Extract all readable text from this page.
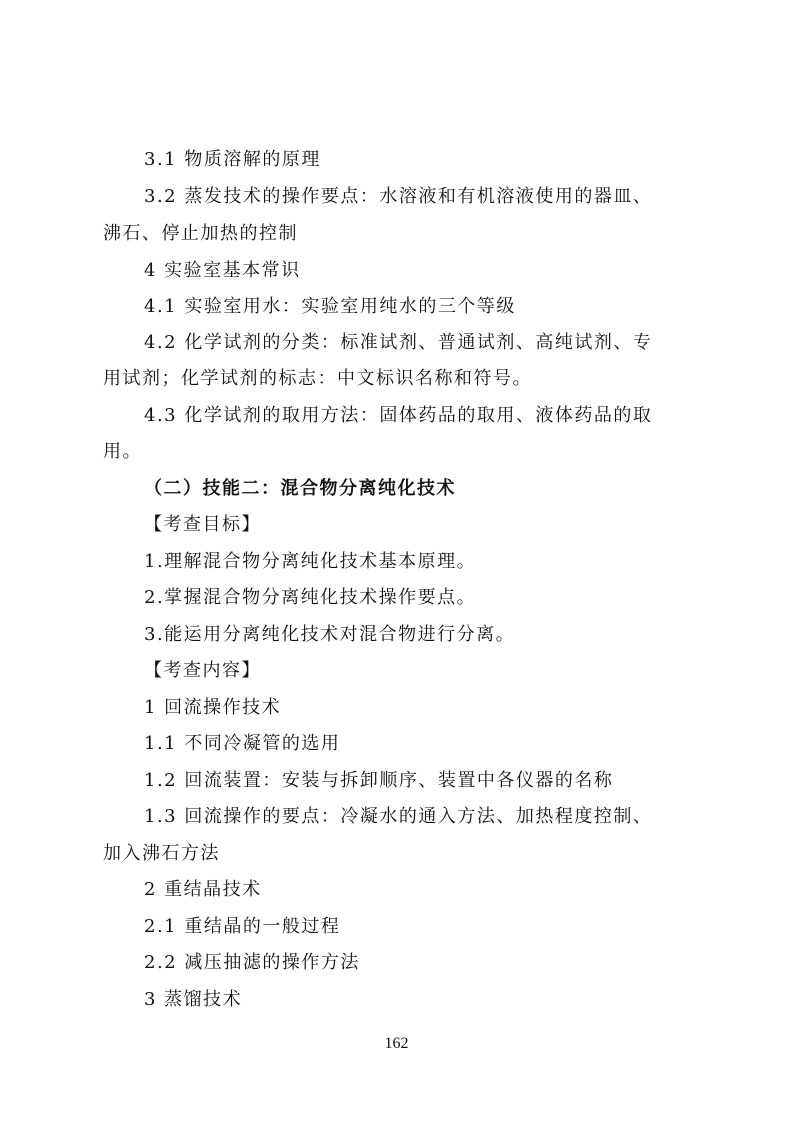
3.1 物质溶解的原理
3.2 蒸发技术的操作要点：水溶液和有机溶液使用的器皿、
沸石、停止加热的控制
4 实验室基本常识
4.1 实验室用水：实验室用纯水的三个等级
4.2 化学试剂的分类：标准试剂、普通试剂、高纯试剂、专
用试剂；化学试剂的标志：中文标识名称和符号。
4.3 化学试剂的取用方法：固体药品的取用、液体药品的取
用。
（二）技能二：混合物分离纯化技术
【考查目标】
1.理解混合物分离纯化技术基本原理。
2.掌握混合物分离纯化技术操作要点。
3.能运用分离纯化技术对混合物进行分离。
【考查内容】
1 回流操作技术
1.1 不同冷凝管的选用
1.2 回流装置：安装与拆卸顺序、装置中各仪器的名称
1.3 回流操作的要点：冷凝水的通入方法、加热程度控制、
加入沸石方法
2 重结晶技术
2.1 重结晶的一般过程
2.2 减压抽滤的操作方法
3 蒸馏技术
162
